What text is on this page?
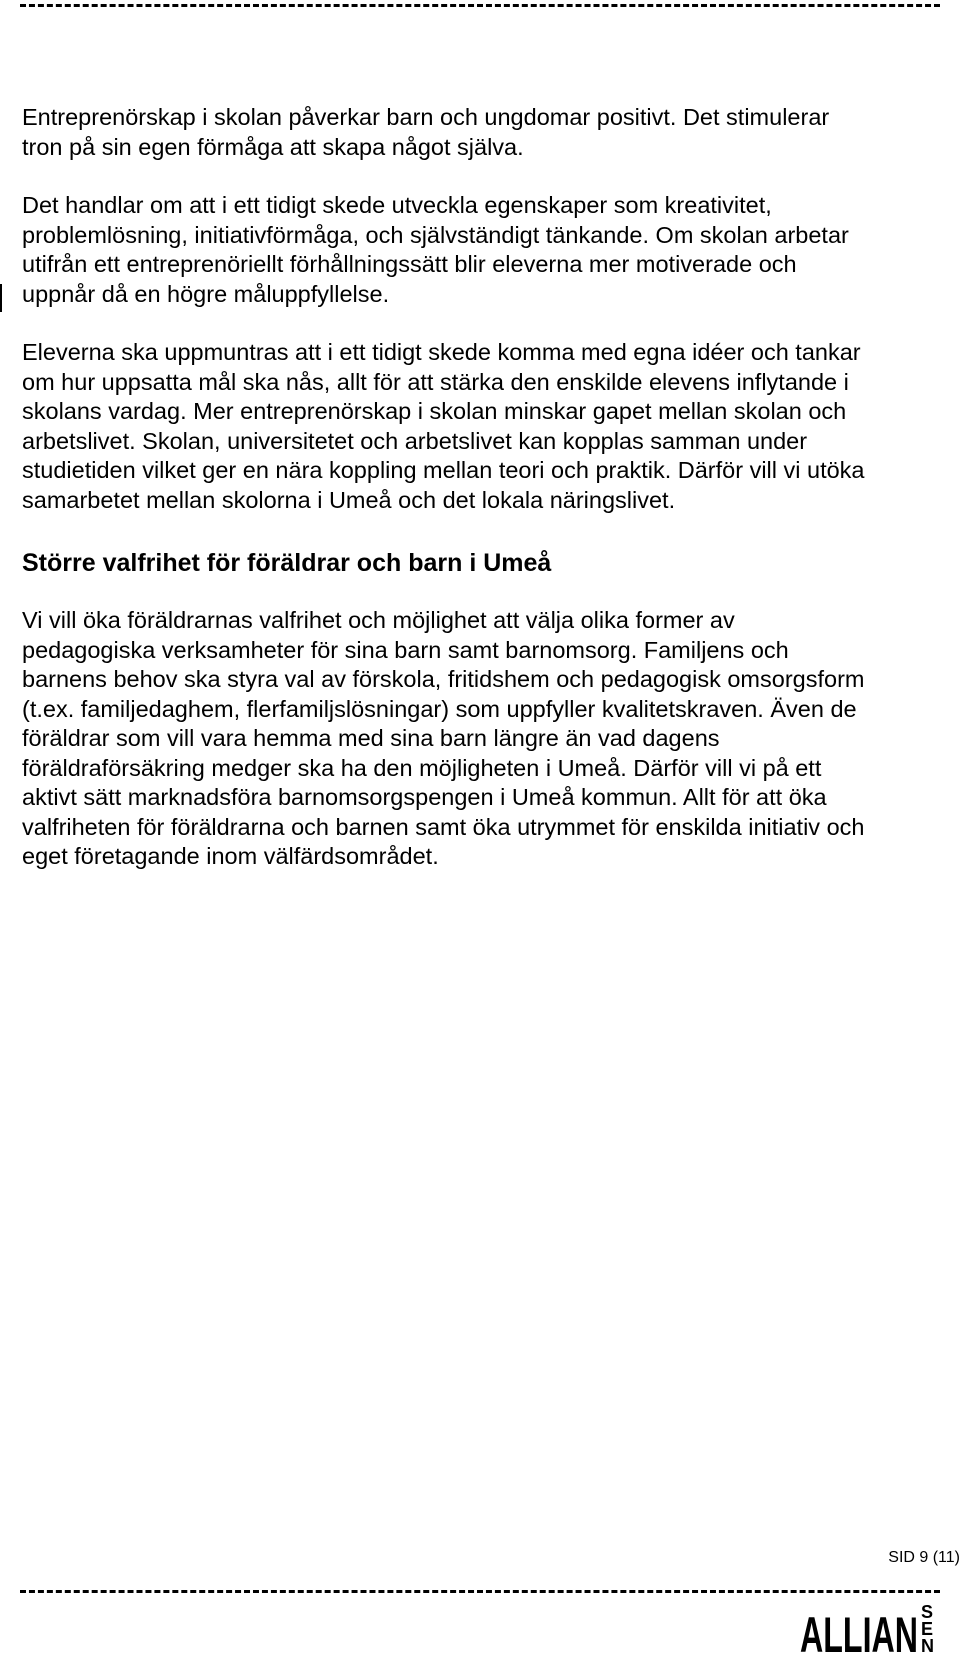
Entreprenörskap i skolan påverkar barn och ungdomar positivt. Det stimulerar
tron på sin egen förmåga att skapa något själva.

Det handlar om att i ett tidigt skede utveckla egenskaper som kreativitet,
problemlösning, initiativförmåga, och självständigt tänkande. Om skolan arbetar
utifrån ett entreprenöriellt förhållningssätt blir eleverna mer motiverade och
uppnår då en högre måluppfyllelse.

Eleverna ska uppmuntras att i ett tidigt skede komma med egna idéer och tankar
om hur uppsatta mål ska nås, allt för att stärka den enskilde elevens inflytande i
skolans vardag. Mer entreprenörskap i skolan minskar gapet mellan skolan och
arbetslivet. Skolan, universitetet och arbetslivet kan kopplas samman under
studietiden vilket ger en nära koppling mellan teori och praktik. Därför vill vi utöka
samarbetet mellan skolorna i Umeå och det lokala näringslivet.

Större valfrihet för föräldrar och barn i Umeå

Vi vill öka föräldrarnas valfrihet och möjlighet att välja olika former av
pedagogiska verksamheter för sina barn samt barnomsorg. Familjens och
barnens behov ska styra val av förskola, fritidshem och pedagogisk omsorgsform
(t.ex. familjedaghem, flerfamiljslösningar) som uppfyller kvalitetskraven. Även de
föräldrar som vill vara hemma med sina barn längre än vad dagens
föräldraförsäkring medger ska ha den möjligheten i Umeå. Därför vill vi på ett
aktivt sätt marknadsföra barnomsorgspengen i Umeå kommun. Allt för att öka
valfriheten för föräldrarna och barnen samt öka utrymmet för enskilda initiativ och
eget företagande inom välfärdsområdet.

SID 9 (11)
ALLIAN S
E
N
